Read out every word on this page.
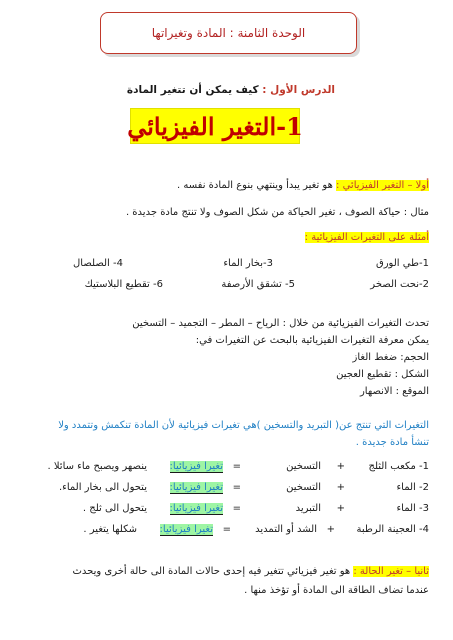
الوحدة الثامنة : المادة وتغيراتها
الدرس الأول : كيف يمكن أن تتغير المادة
1-التغير الفيزيائي
أولا – التغير الفيزيائي : هو تغير يبدأ وينتهي بنوع المادة نفسه .
مثال : حياكة الصوف ، تغير الحياكة من شكل الصوف ولا تنتج مادة جديدة .
أمثلة على التغيرات الفيزيائية :
1-طي الورق
3-بخار الماء
4- الصلصال
2-نحت الصخر
5- تشقق الأرصفة
6- تقطيع البلاستيك
تحدث التغيرات الفيزيائية من خلال : الرياح – المطر – التجميد – التسخين
يمكن معرفة التغيرات الفيزيائية بالبحث عن التغيرات في:
الحجم: ضغط الغاز
الشكل : تقطيع العجين
الموقع : الانصهار
التغيرات التي تنتج عن( التبريد والتسخين )هي تغيرات فيزيائية لأن المادة تنكمش وتتمدد ولا
تنشأ مادة جديدة .
1- مكعب الثلج
+
التسخين
=
تغيرا فيزيائيا:
ينصهر ويصبح ماء سائلا .
2- الماء
+
التسخين
=
تغيرا فيزيائيا:
يتحول الى بخار الماء.
3- الماء
+
التبريد
=
تغيرا فيزيائيا:
يتحول الى ثلج .
4- العجينة الرطبة
+
الشد أو التمديد
=
تغيرا فيزيائيا:
شكلها يتغير .
ثانيا – تغير الحالة : هو تغير فيزيائي تتغير فيه إحدى حالات المادة الى حالة أخرى ويحدث
عندما تضاف الطاقة الى المادة أو تؤخذ منها .
